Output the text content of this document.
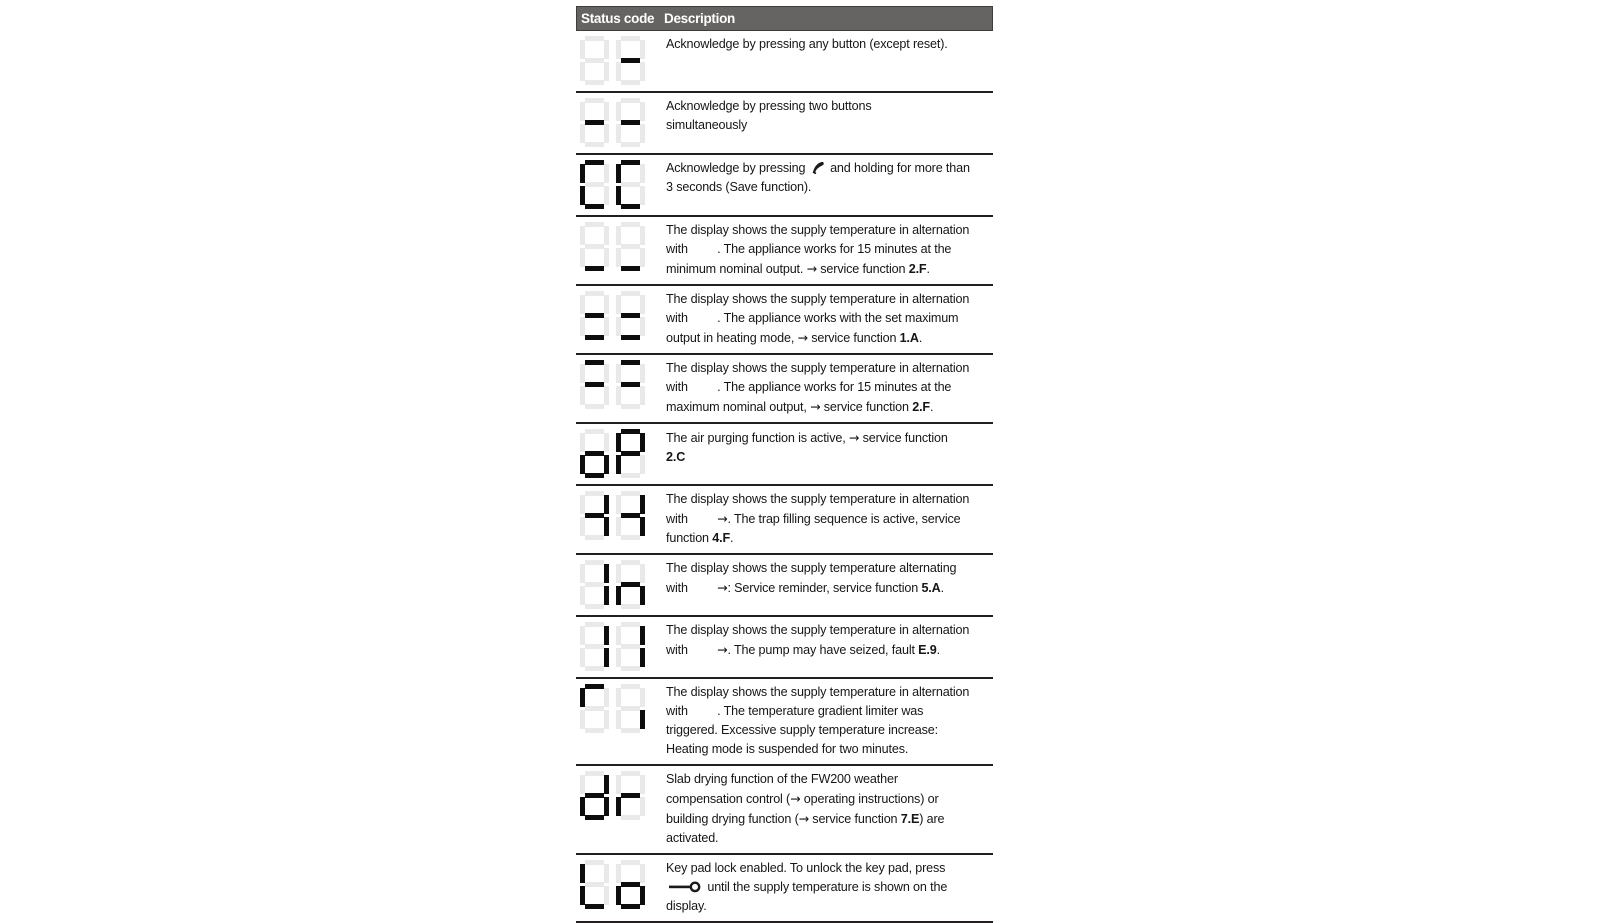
Status code Description
Acknowledge by pressing any button (except reset).
Acknowledge by pressing two buttons
simultaneously
Acknowledge by pressing  and holding for more than
3 seconds (Save function).
The display shows the supply temperature in alternation
with . The appliance works for 15 minutes at the
minimum nominal output. → service function 2.F.
The display shows the supply temperature in alternation
with . The appliance works with the set maximum
output in heating mode, → service function 1.A.
The display shows the supply temperature in alternation
with . The appliance works for 15 minutes at the
maximum nominal output, → service function 2.F.
The air purging function is active, → service function
2.C
The display shows the supply temperature in alternation
with →. The trap filling sequence is active, service
function 4.F.
The display shows the supply temperature alternating
with →: Service reminder, service function 5.A.
The display shows the supply temperature in alternation
with →. The pump may have seized, fault E.9.
The display shows the supply temperature in alternation
with . The temperature gradient limiter was
triggered. Excessive supply temperature increase:
Heating mode is suspended for two minutes.
Slab drying function of the FW200 weather
compensation control (→ operating instructions) or
building drying function (→ service function 7.E) are
activated.
Key pad lock enabled. To unlock the key pad, press
until the supply temperature is shown on the
display.
